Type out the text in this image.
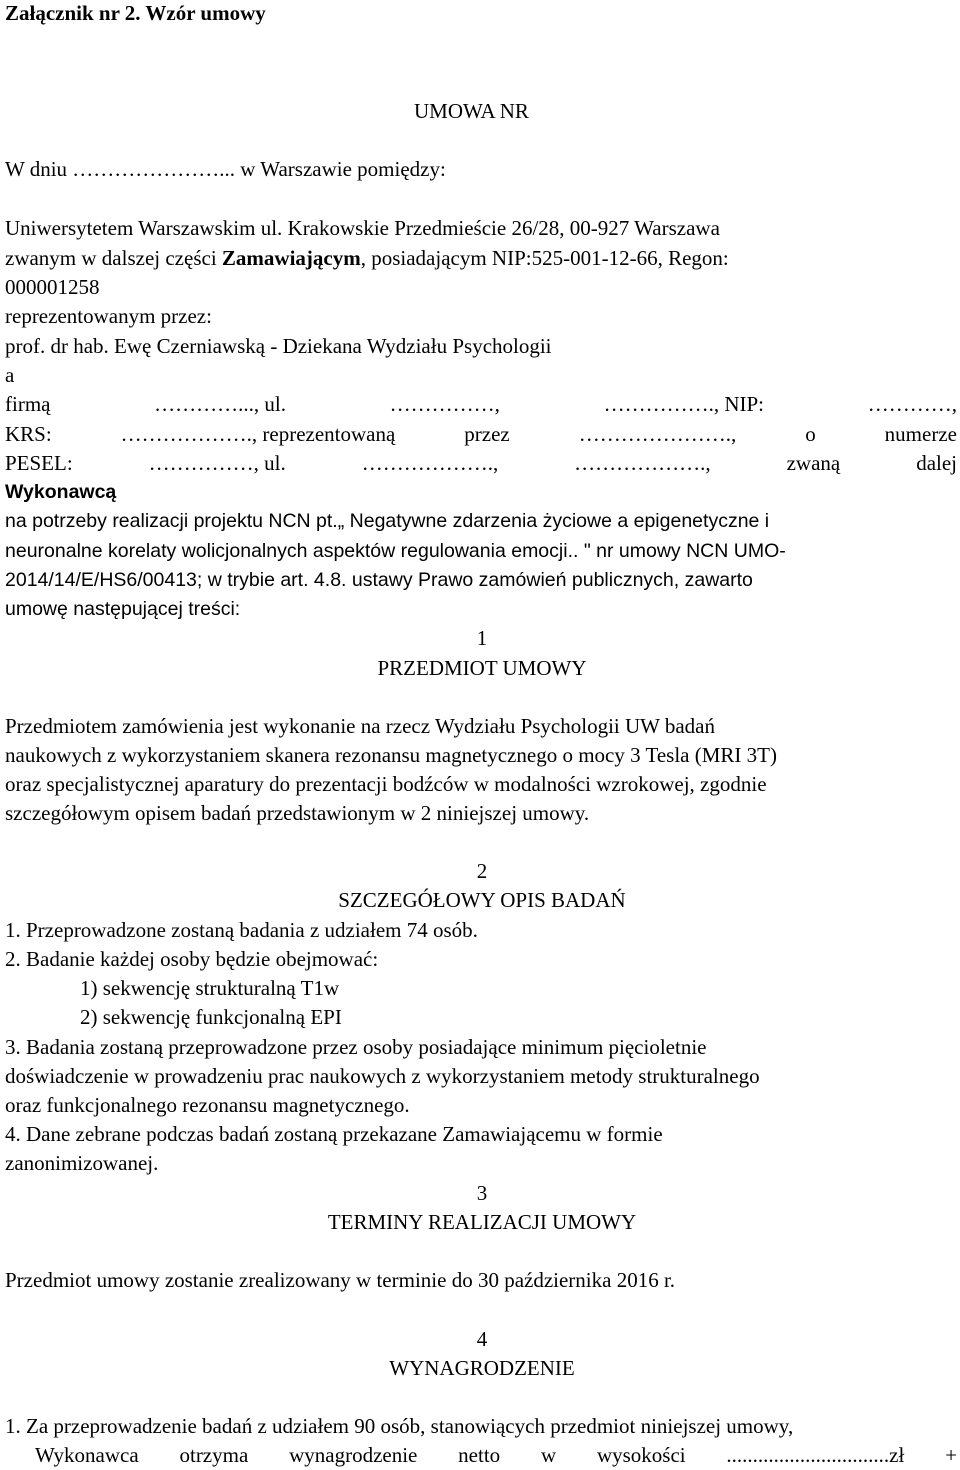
Załącznik nr 2. Wzór umowy
UMOWA NR
W dniu …………………... w Warszawie pomiędzy:
Uniwersytetem Warszawskim ul. Krakowskie Przedmieście 26/28, 00-927 Warszawa
zwanym w dalszej części Zamawiającym, posiadającym NIP:525-001-12-66, Regon:
000001258
reprezentowanym przez:
prof. dr hab. Ewę Czerniawską - Dziekana Wydziału Psychologii
a
firmą	…………..., ul.	……………,	……………., NIP:	…………,
KRS:	………………., reprezentowaną	przez	………………….,	o	numerze
PESEL:	……………, ul.	……………….,	……………….,	zwaną	dalej
Wykonawcą
na potrzeby realizacji projektu NCN pt.„ Negatywne zdarzenia życiowe a epigenetyczne i
neuronalne korelaty wolicjonalnych aspektów regulowania emocji.. " nr umowy NCN UMO-
2014/14/E/HS6/00413; w trybie art. 4.8. ustawy Prawo zamówień publicznych, zawarto
umowę następującej treści:
1
PRZEDMIOT UMOWY
Przedmiotem zamówienia jest wykonanie na rzecz Wydziału Psychologii UW badań
naukowych z wykorzystaniem skanera rezonansu magnetycznego o mocy 3 Tesla (MRI 3T)
oraz specjalistycznej aparatury do prezentacji bodźców w modalności wzrokowej, zgodnie
szczegółowym opisem badań przedstawionym w 2 niniejszej umowy.
2
SZCZEGÓŁOWY OPIS BADAŃ
1. Przeprowadzone zostaną badania z udziałem 74 osób.
2. Badanie każdej osoby będzie obejmować:
1) sekwencję strukturalną T1w
2) sekwencję funkcjonalną EPI
3. Badania zostaną przeprowadzone przez osoby posiadające minimum pięcioletnie
doświadczenie w prowadzeniu prac naukowych z wykorzystaniem metody strukturalnego
oraz funkcjonalnego rezonansu magnetycznego.
4. Dane zebrane podczas badań zostaną przekazane Zamawiającemu w formie
zanonimizowanej.
3
TERMINY REALIZACJI UMOWY
Przedmiot umowy zostanie zrealizowany w terminie do 30 października 2016 r.
4
WYNAGRODZENIE
1. Za przeprowadzenie badań z udziałem 90 osób, stanowiących przedmiot niniejszej umowy,
Wykonawca otrzyma wynagrodzenie netto w wysokości ...............................zł +
